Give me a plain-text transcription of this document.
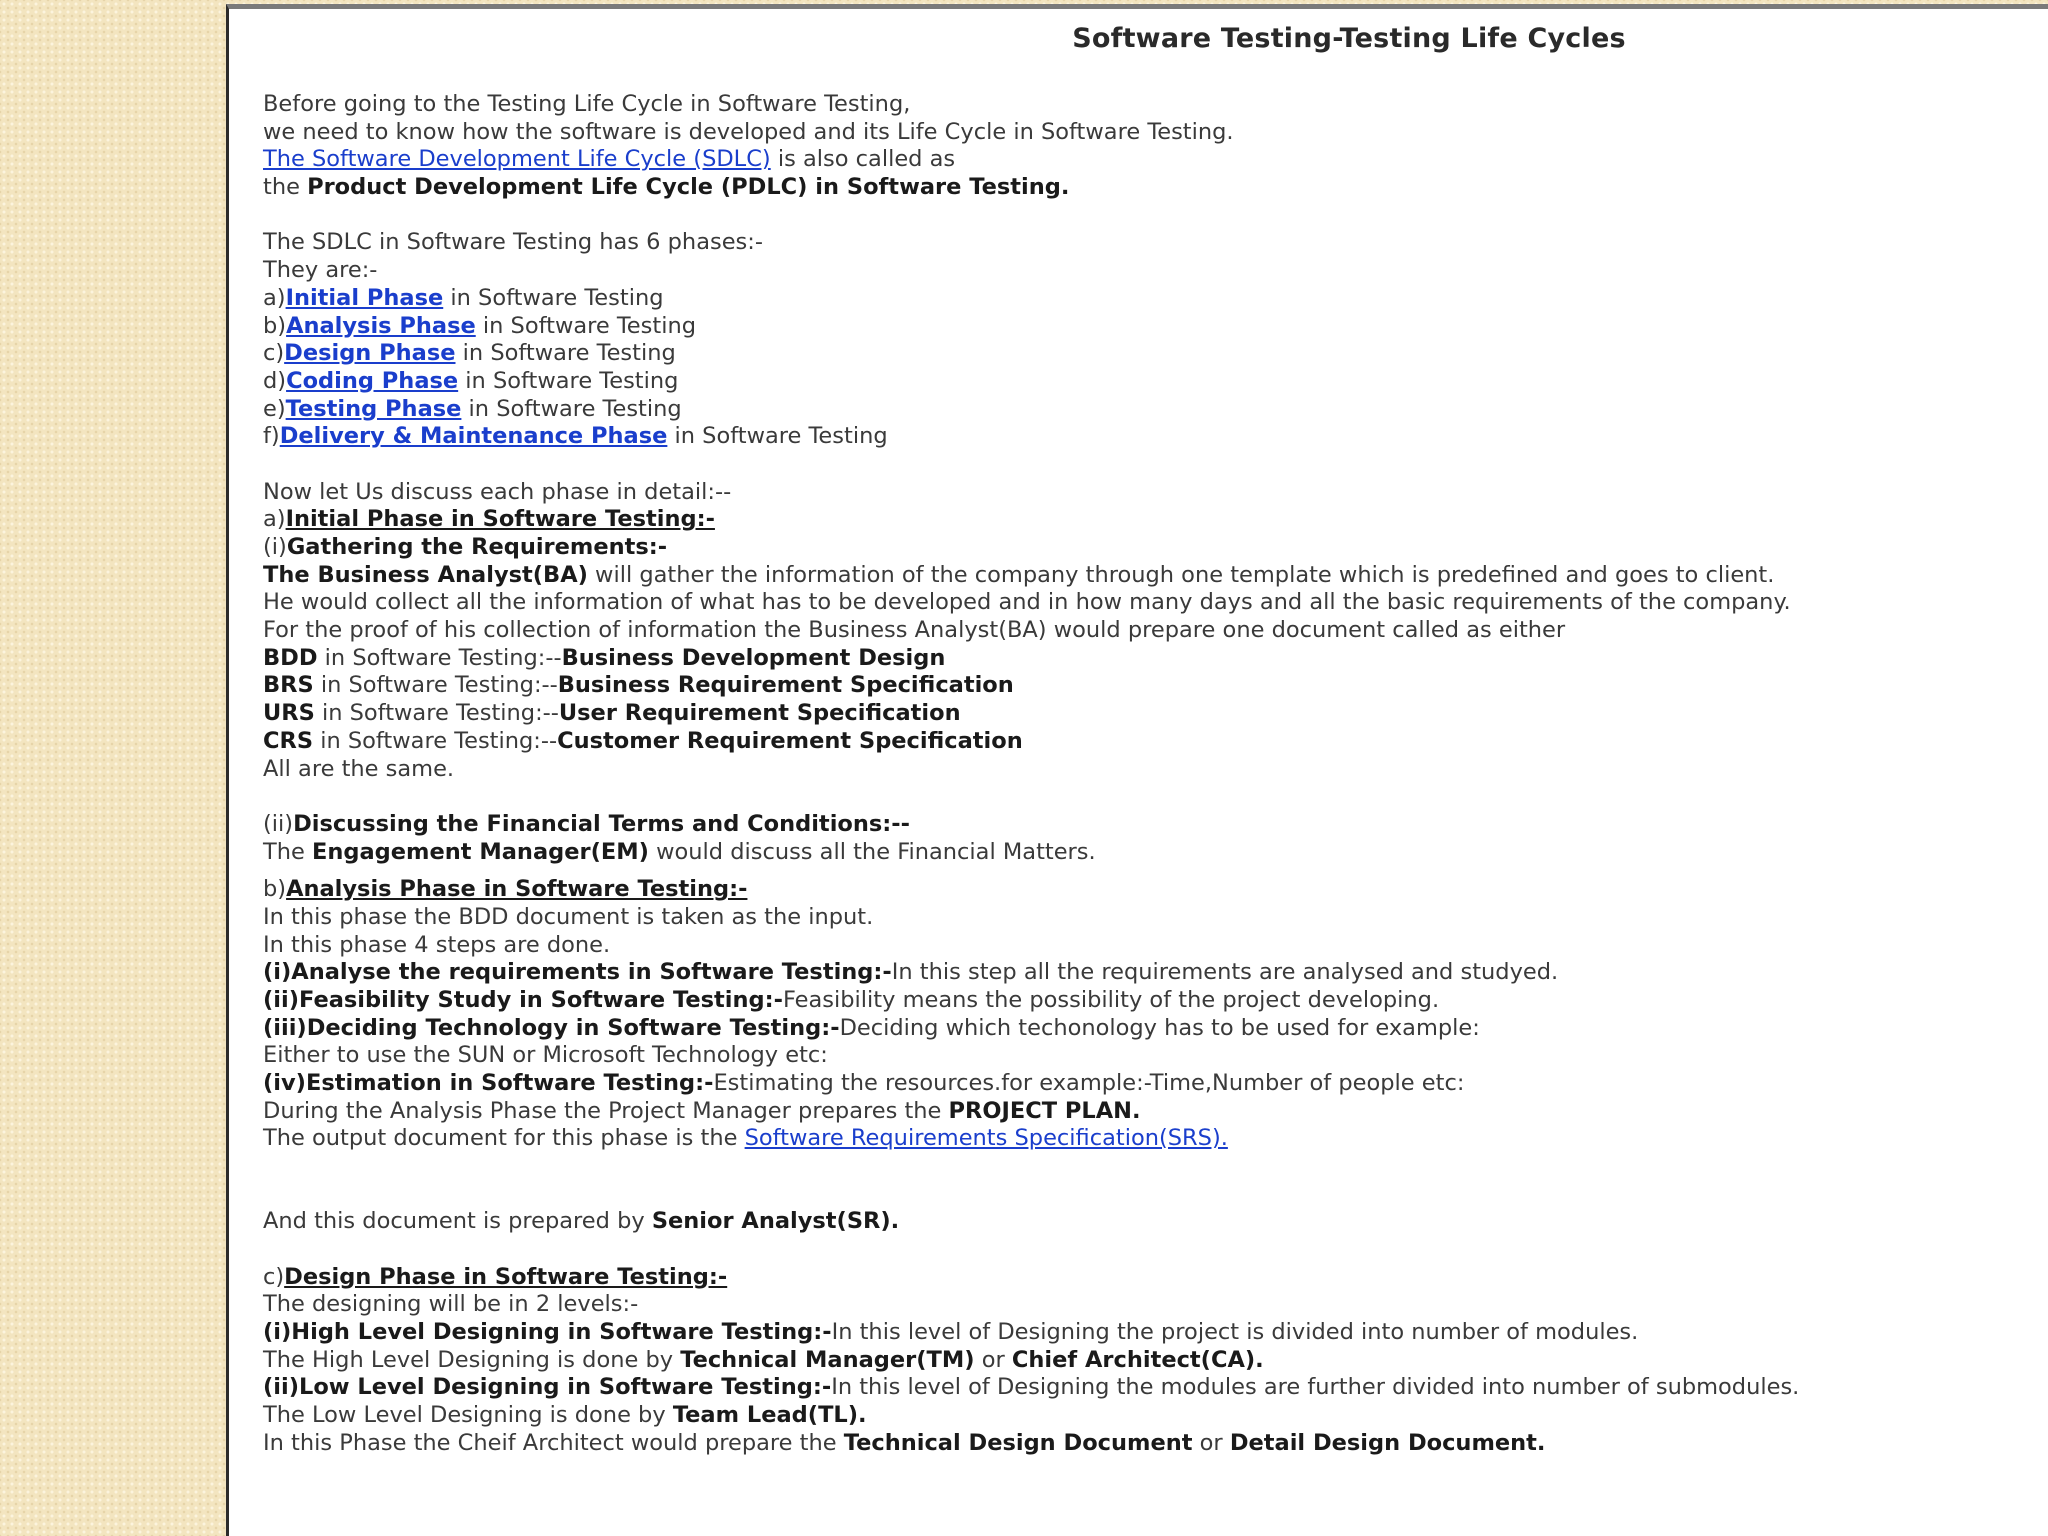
Software Testing-Testing Life Cycles
Before going to the Testing Life Cycle in Software Testing,
we need to know how the software is developed and its Life Cycle in Software Testing.
The Software Development Life Cycle (SDLC) is also called as
the Product Development Life Cycle (PDLC) in Software Testing.
The SDLC in Software Testing has 6 phases:-
They are:-
a)Initial Phase in Software Testing
b)Analysis Phase in Software Testing
c)Design Phase in Software Testing
d)Coding Phase in Software Testing
e)Testing Phase in Software Testing
f)Delivery & Maintenance Phase in Software Testing
Now let Us discuss each phase in detail:--
a)Initial Phase in Software Testing:-
(i)Gathering the Requirements:-
The Business Analyst(BA) will gather the information of the company through one template which is predefined and goes to client.
He would collect all the information of what has to be developed and in how many days and all the basic requirements of the company.
For the proof of his collection of information the Business Analyst(BA) would prepare one document called as either
BDD in Software Testing:--Business Development Design
BRS in Software Testing:--Business Requirement Specification
URS in Software Testing:--User Requirement Specification
CRS in Software Testing:--Customer Requirement Specification
All are the same.
(ii)Discussing the Financial Terms and Conditions:--
The Engagement Manager(EM) would discuss all the Financial Matters.
b)Analysis Phase in Software Testing:-
In this phase the BDD document is taken as the input.
In this phase 4 steps are done.
(i)Analyse the requirements in Software Testing:-In this step all the requirements are analysed and studyed.
(ii)Feasibility Study in Software Testing:-Feasibility means the possibility of the project developing.
(iii)Deciding Technology in Software Testing:-Deciding which techonology has to be used for example:
Either to use the SUN or Microsoft Technology etc:
(iv)Estimation in Software Testing:-Estimating the resources.for example:-Time,Number of people etc:
During the Analysis Phase the Project Manager prepares the PROJECT PLAN.
The output document for this phase is the Software Requirements Specification(SRS).
And this document is prepared by Senior Analyst(SR).
c)Design Phase in Software Testing:-
The designing will be in 2 levels:-
(i)High Level Designing in Software Testing:-In this level of Designing the project is divided into number of modules.
The High Level Designing is done by Technical Manager(TM) or Chief Architect(CA).
(ii)Low Level Designing in Software Testing:-In this level of Designing the modules are further divided into number of submodules.
The Low Level Designing is done by Team Lead(TL).
In this Phase the Cheif Architect would prepare the Technical Design Document or Detail Design Document.
